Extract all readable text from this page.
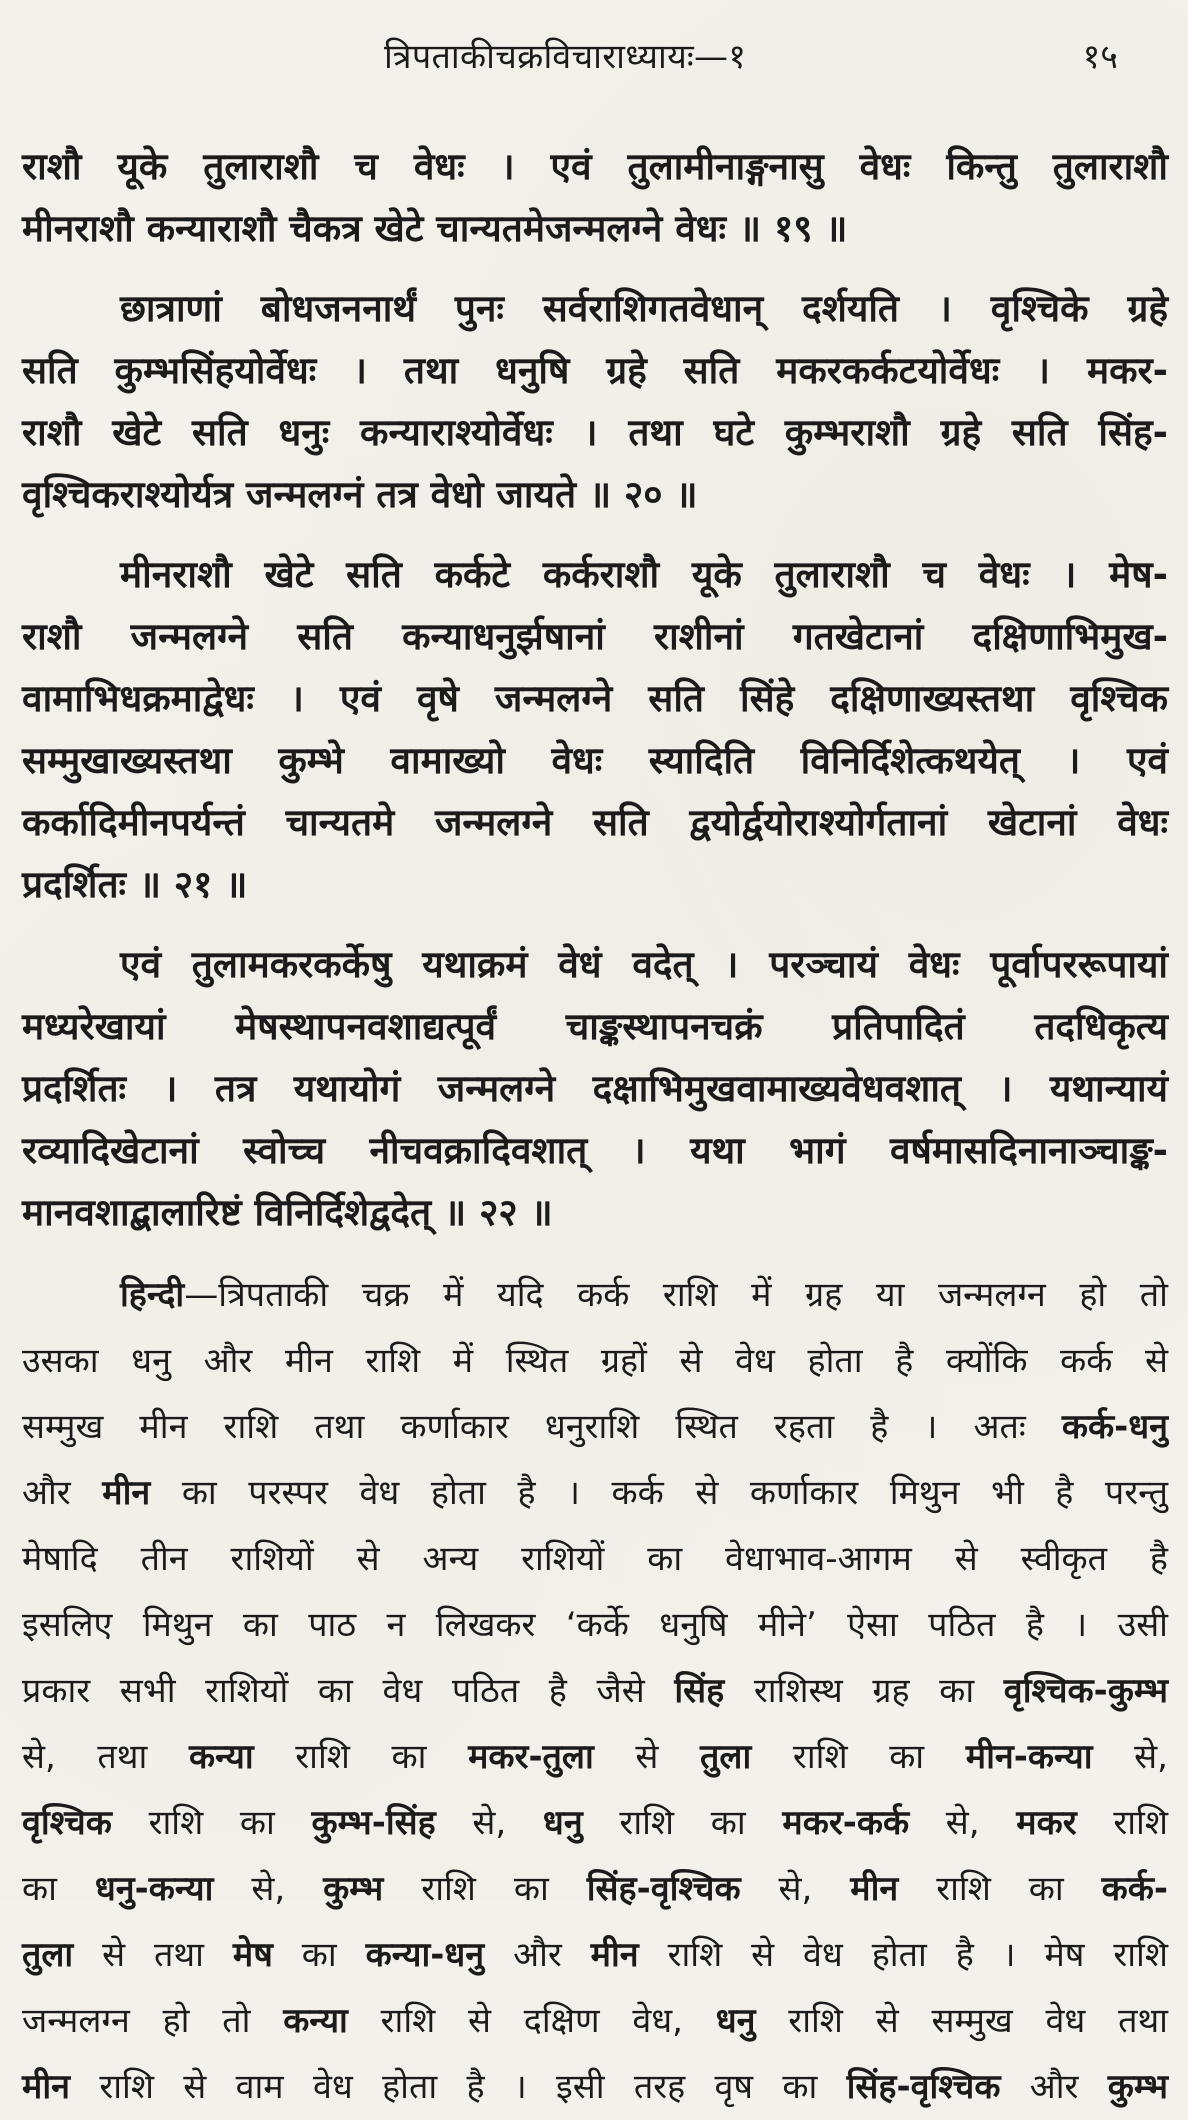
त्रिपताकीचक्रविचाराध्यायः—१	१५
राशौ यूके तुलाराशौ च वेधः । एवं तुलामीनाङ्गनासु वेधः किन्तु तुलाराशौ
मीनराशौ कन्याराशौ चैकत्र खेटे चान्यतमेजन्मलग्ने वेधः ॥ १९ ॥
छात्राणां बोधजननार्थं पुनः सर्वराशिगतवेधान् दर्शयति । वृश्चिके ग्रहे
सति कुम्भसिंहयोर्वेधः । तथा धनुषि ग्रहे सति मकरकर्कटयोर्वेधः । मकर-
राशौ खेटे सति धनुः कन्याराश्योर्वेधः । तथा घटे कुम्भराशौ ग्रहे सति सिंह-
वृश्चिकराश्योर्यत्र जन्मलग्नं तत्र वेधो जायते ॥ २० ॥
मीनराशौ खेटे सति कर्कटे कर्कराशौ यूके तुलाराशौ च वेधः । मेष-
राशौ जन्मलग्ने सति कन्याधनुर्झषानां राशीनां गतखेटानां दक्षिणाभिमुख-
वामाभिधक्रमाद्वेधः । एवं वृषे जन्मलग्ने सति सिंहे दक्षिणाख्यस्तथा वृश्चिक
सम्मुखाख्यस्तथा कुम्भे वामाख्यो वेधः स्यादिति विनिर्दिशेत्कथयेत् । एवं
कर्कादिमीनपर्यन्तं चान्यतमे जन्मलग्ने सति द्वयोर्द्वयोराश्योर्गतानां खेटानां वेधः
प्रदर्शितः ॥ २१ ॥
एवं तुलामकरकर्केषु यथाक्रमं वेधं वदेत् । परञ्चायं वेधः पूर्वापररूपायां
मध्यरेखायां मेषस्थापनवशाद्यत्पूर्वं चाङ्कस्थापनचक्रं प्रतिपादितं तदधिकृत्य
प्रदर्शितः । तत्र यथायोगं जन्मलग्ने दक्षाभिमुखवामाख्यवेधवशात् । यथान्यायं
रव्यादिखेटानां स्वोच्च नीचवक्रादिवशात् । यथा भागं वर्षमासदिनानाञ्चाङ्क-
मानवशाद्बालारिष्टं विनिर्दिशेद्वदेत् ॥ २२ ॥
हिन्दी—त्रिपताकी चक्र में यदि कर्क राशि में ग्रह या जन्मलग्न हो तो
उसका धनु और मीन राशि में स्थित ग्रहों से वेध होता है क्योंकि कर्क से
सम्मुख मीन राशि तथा कर्णाकार धनुराशि स्थित रहता है । अतः कर्क-धनु
और मीन का परस्पर वेध होता है । कर्क से कर्णाकार मिथुन भी है परन्तु
मेषादि तीन राशियों से अन्य राशियों का वेधाभाव-आगम से स्वीकृत है
इसलिए मिथुन का पाठ न लिखकर ‘कर्के धनुषि मीने’ ऐसा पठित है । उसी
प्रकार सभी राशियों का वेध पठित है जैसे सिंह राशिस्थ ग्रह का वृश्चिक-कुम्भ
से, तथा कन्या राशि का मकर-तुला से तुला राशि का मीन-कन्या से,
वृश्चिक राशि का कुम्भ-सिंह से, धनु राशि का मकर-कर्क से, मकर राशि
का धनु-कन्या से, कुम्भ राशि का सिंह-वृश्चिक से, मीन राशि का कर्क-
तुला से तथा मेष का कन्या-धनु और मीन राशि से वेध होता है । मेष राशि
जन्मलग्न हो तो कन्या राशि से दक्षिण वेध, धनु राशि से सम्मुख वेध तथा
मीन राशि से वाम वेध होता है । इसी तरह वृष का सिंह-वृश्चिक और कुम्भ
